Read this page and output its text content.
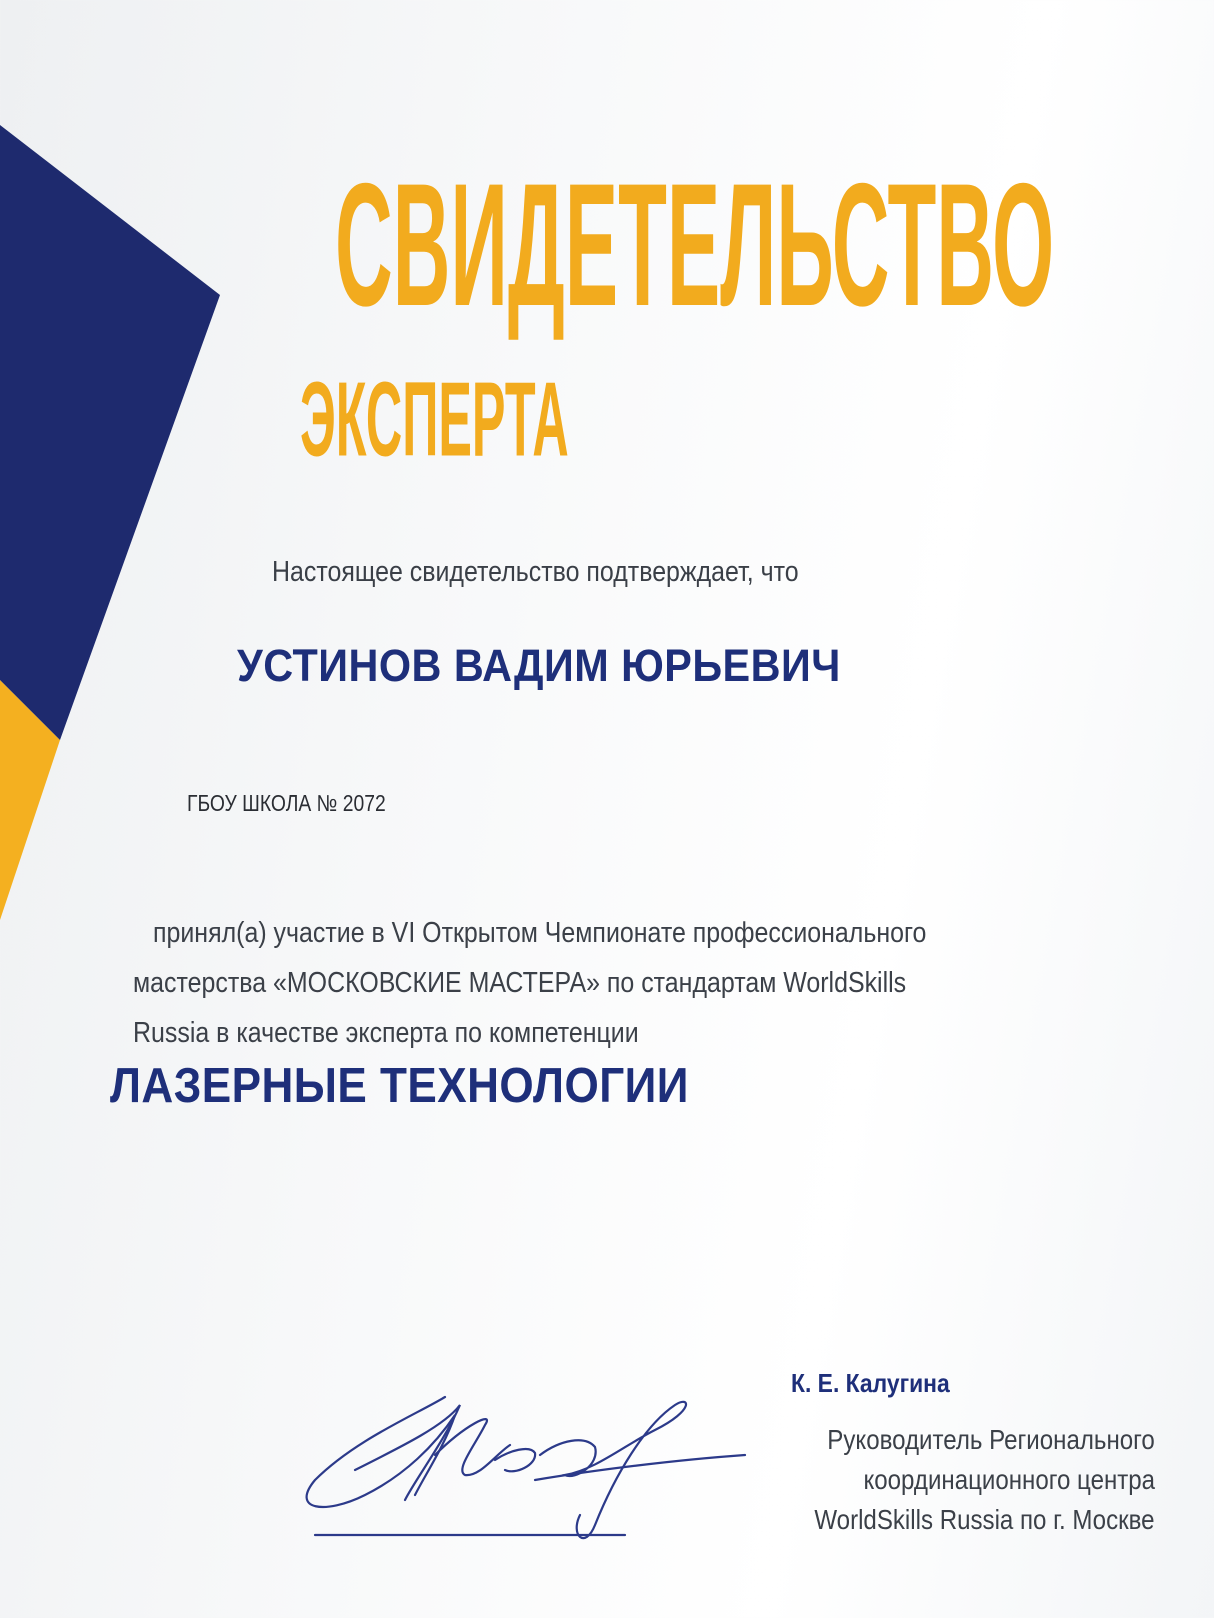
СВИДЕТЕЛЬСТВО
ЭКСПЕРТА

Настоящее свидетельство подтверждает, что

УСТИНОВ ВАДИМ ЮРЬЕВИЧ

ГБОУ ШКОЛА № 2072

принял(а) участие в VI Открытом Чемпионате профессионального
мастерства «МОСКОВСКИЕ МАСТЕРА» по стандартам WorldSkills
Russia в качестве эксперта по компетенции

ЛАЗЕРНЫЕ ТЕХНОЛОГИИ

К. Е. Калугина

Руководитель Регионального
координационного центра
WorldSkills Russia по г. Москве
